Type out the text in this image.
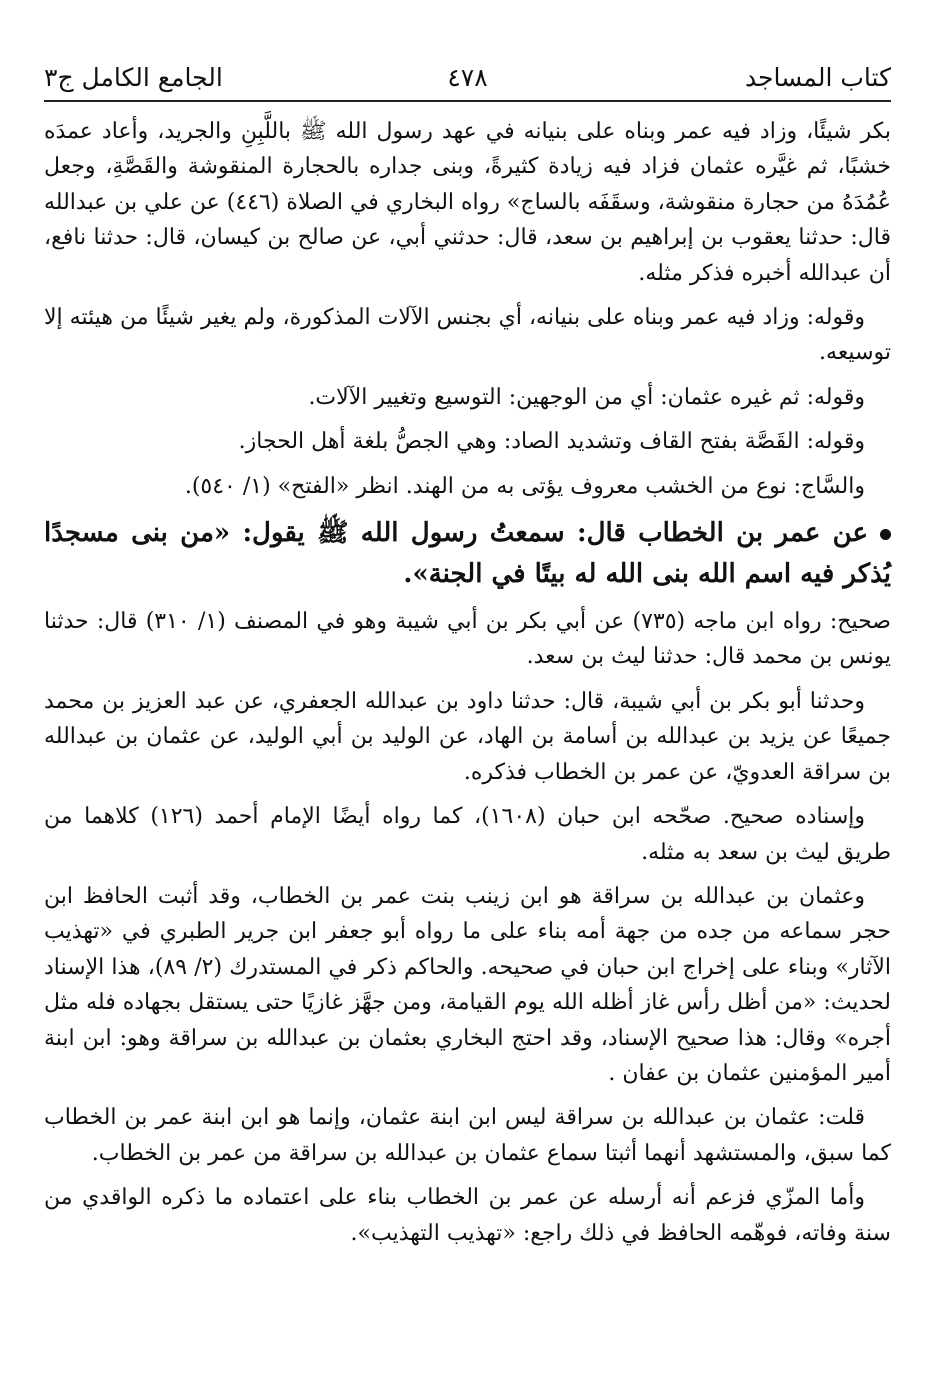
كتاب المساجد
٤٧٨
الجامع الكامل ج٣

بكر شيئًا، وزاد فيه عمر وبناه على بنيانه في عهد رسول الله ﷺ باللَّبِنِ والجريد، وأعاد عمدَه خشبًا، ثم غيَّره عثمان فزاد فيه زيادة كثيرةً، وبنى جداره بالحجارة المنقوشة والقَصَّةِ، وجعل عُمُدَهُ من حجارة منقوشة، وسقَفَه بالساج» رواه البخاري في الصلاة (٤٤٦) عن علي بن عبدالله قال: حدثنا يعقوب بن إبراهيم بن سعد، قال: حدثني أبي، عن صالح بن كيسان، قال: حدثنا نافع، أن عبدالله أخبره فذكر مثله.

وقوله: وزاد فيه عمر وبناه على بنيانه، أي بجنس الآلات المذكورة، ولم يغير شيئًا من هيئته إلا توسيعه.

وقوله: ثم غيره عثمان: أي من الوجهين: التوسيع وتغيير الآلات.

وقوله: القَصَّة بفتح القاف وتشديد الصاد: وهي الجصُّ بلغة أهل الحجاز.

والسَّاج: نوع من الخشب معروف يؤتى به من الهند. انظر «الفتح» (١/ ٥٤٠).

عن عمر بن الخطاب قال: سمعتُ رسول الله ﷺ يقول: «من بنى مسجدًا يُذكر فيه اسم الله بنى الله له بيتًا في الجنة».

صحيح: رواه ابن ماجه (٧٣٥) عن أبي بكر بن أبي شيبة وهو في المصنف (١/ ٣١٠) قال: حدثنا يونس بن محمد قال: حدثنا ليث بن سعد.

وحدثنا أبو بكر بن أبي شيبة، قال: حدثنا داود بن عبدالله الجعفري، عن عبد العزيز بن محمد جميعًا عن يزيد بن عبدالله بن أسامة بن الهاد، عن الوليد بن أبي الوليد، عن عثمان بن عبدالله بن سراقة العدويّ، عن عمر بن الخطاب فذكره.

وإسناده صحيح. صحّحه ابن حبان (١٦٠٨)، كما رواه أيضًا الإمام أحمد (١٢٦) كلاهما من طريق ليث بن سعد به مثله.

وعثمان بن عبدالله بن سراقة هو ابن زينب بنت عمر بن الخطاب، وقد أثبت الحافظ ابن حجر سماعه من جده من جهة أمه بناء على ما رواه أبو جعفر ابن جرير الطبري في «تهذيب الآثار» وبناء على إخراج ابن حبان في صحيحه. والحاكم ذكر في المستدرك (٢/ ٨٩)، هذا الإسناد لحديث: «من أظل رأس غاز أظله الله يوم القيامة، ومن جهَّز غازيًا حتى يستقل بجهاده فله مثل أجره» وقال: هذا صحيح الإسناد، وقد احتج البخاري بعثمان بن عبدالله بن سراقة وهو: ابن ابنة أمير المؤمنين عثمان بن عفان .

قلت: عثمان بن عبدالله بن سراقة ليس ابن ابنة عثمان، وإنما هو ابن ابنة عمر بن الخطاب كما سبق، والمستشهد أنهما أثبتا سماع عثمان بن عبدالله بن سراقة من عمر بن الخطاب.

وأما المزّي فزعم أنه أرسله عن عمر بن الخطاب بناء على اعتماده ما ذكره الواقدي من سنة وفاته، فوهّمه الحافظ في ذلك راجع: «تهذيب التهذيب».
